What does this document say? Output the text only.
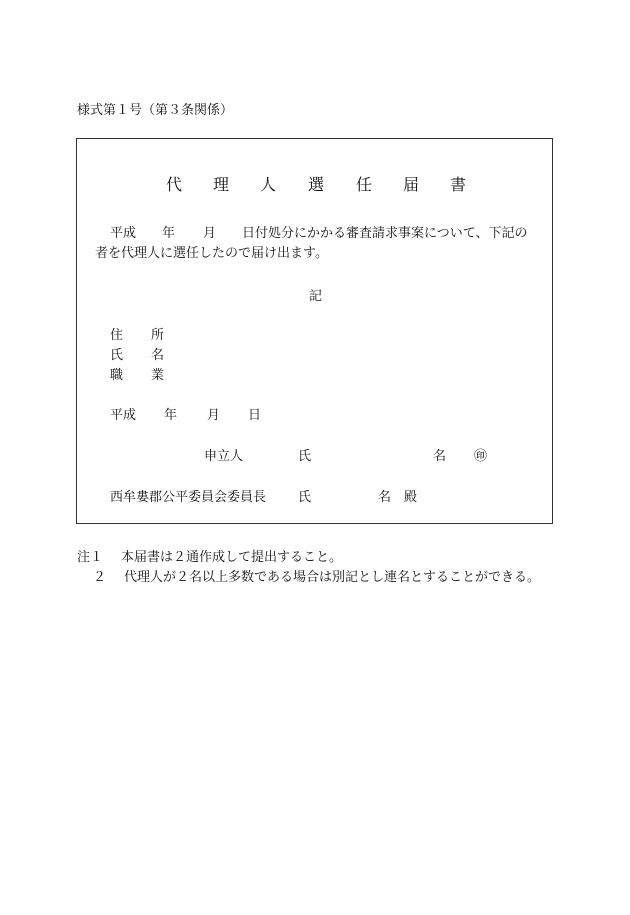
様式第１号（第３条関係）
代 理 人 選 任 届 書
平成 年 月 日付処分にかかる審査請求事案について、下記の
者を代理人に選任したので届け出ます。
記
住 所
氏 名
職 業
平成 年 月 日
申立人	氏	名 ㊞
西牟婁郡公平委員会委員長 氏	名 殿
注１ 本届書は２通作成して提出すること。
２ 代理人が２名以上多数である場合は別記とし連名とすることができる。
